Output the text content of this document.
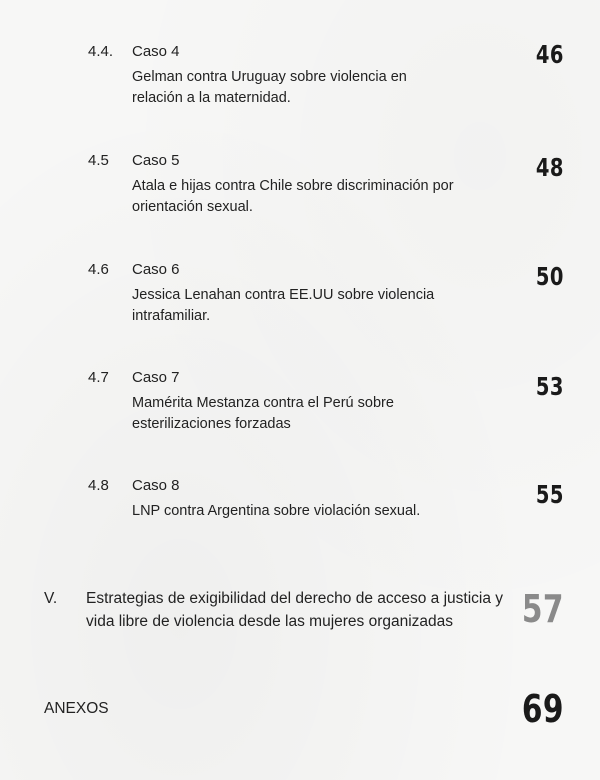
4.4. Caso 4
Gelman contra Uruguay sobre violencia en relación a la maternidad.
46
4.5 Caso 5
Atala e hijas contra Chile sobre discriminación por orientación sexual.
48
4.6 Caso 6
Jessica Lenahan contra EE.UU sobre violencia intrafamiliar.
50
4.7 Caso 7
Mamérita Mestanza contra el Perú sobre esterilizaciones forzadas
53
4.8 Caso 8
LNP contra Argentina sobre violación sexual.
55
V. Estrategias de exigibilidad del derecho de acceso a justicia y vida libre de violencia desde las mujeres organizadas	57
ANEXOS	69
